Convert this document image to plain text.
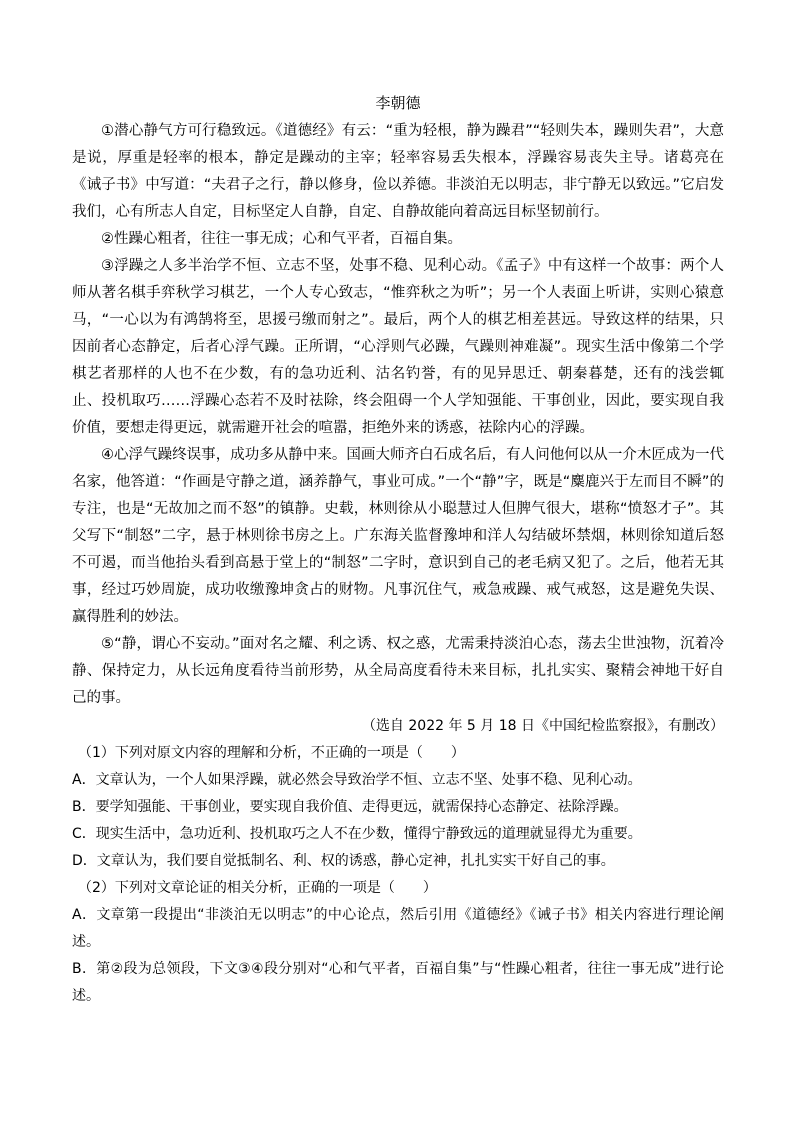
李朝德

①潜心静气方可行稳致远。《道德经》有云：“重为轻根，静为躁君”“轻则失本，躁则失君”，大意是说，厚重是轻率的根本，静定是躁动的主宰；轻率容易丢失根本，浮躁容易丧失主导。诸葛亮在《诫子书》中写道：“夫君子之行，静以修身，俭以养德。非淡泊无以明志，非宁静无以致远。”它启发我们，心有所志人自定，目标坚定人自静，自定、自静故能向着高远目标坚韧前行。

②性躁心粗者，往往一事无成；心和气平者，百福自集。

③浮躁之人多半治学不恒、立志不坚，处事不稳、见利心动。《孟子》中有这样一个故事：两个人师从著名棋手弈秋学习棋艺，一个人专心致志，“惟弈秋之为听”；另一个人表面上听讲，实则心猿意马，“一心以为有鸿鹄将至，思援弓缴而射之”。最后，两个人的棋艺相差甚远。导致这样的结果，只因前者心态静定，后者心浮气躁。正所谓，“心浮则气必躁，气躁则神难凝”。现实生活中像第二个学棋艺者那样的人也不在少数，有的急功近利、沽名钓誉，有的见异思迁、朝秦暮楚，还有的浅尝辄止、投机取巧……浮躁心态若不及时祛除，终会阻碍一个人学知强能、干事创业，因此，要实现自我价值，要想走得更远，就需避开社会的喧嚣，拒绝外来的诱惑，祛除内心的浮躁。

④心浮气躁终误事，成功多从静中来。国画大师齐白石成名后，有人问他何以从一介木匠成为一代名家，他答道：“作画是守静之道，涵养静气，事业可成。”一个“静”字，既是“麋鹿兴于左而目不瞬”的专注，也是“无故加之而不怒”的镇静。史载，林则徐从小聪慧过人但脾气很大，堪称“愤怒才子”。其父写下“制怒”二字，悬于林则徐书房之上。广东海关监督豫坤和洋人勾结破坏禁烟，林则徐知道后怒不可遏，而当他抬头看到高悬于堂上的“制怒”二字时，意识到自己的老毛病又犯了。之后，他若无其事，经过巧妙周旋，成功收缴豫坤贪占的财物。凡事沉住气，戒急戒躁、戒气戒怒，这是避免失误、赢得胜利的妙法。

⑤“静，谓心不妄动。”面对名之耀、利之诱、权之惑，尤需秉持淡泊心态，荡去尘世浊物，沉着冷静、保持定力，从长远角度看待当前形势，从全局高度看待未来目标，扎扎实实、聚精会神地干好自己的事。

（选自 2022 年 5 月 18 日《中国纪检监察报》，有删改）

（1）下列对原文内容的理解和分析，不正确的一项是（　　）

A．文章认为，一个人如果浮躁，就必然会导致治学不恒、立志不坚、处事不稳、见利心动。

B．要学知强能、干事创业，要实现自我价值、走得更远，就需保持心态静定、祛除浮躁。

C．现实生活中，急功近利、投机取巧之人不在少数，懂得宁静致远的道理就显得尤为重要。

D．文章认为，我们要自觉抵制名、利、权的诱惑，静心定神，扎扎实实干好自己的事。

（2）下列对文章论证的相关分析，正确的一项是（　　）

A．文章第一段提出“非淡泊无以明志”的中心论点，然后引用《道德经》《诫子书》相关内容进行理论阐述。

B．第②段为总领段，下文③④段分别对“心和气平者，百福自集”与“性躁心粗者，往往一事无成”进行论述。
